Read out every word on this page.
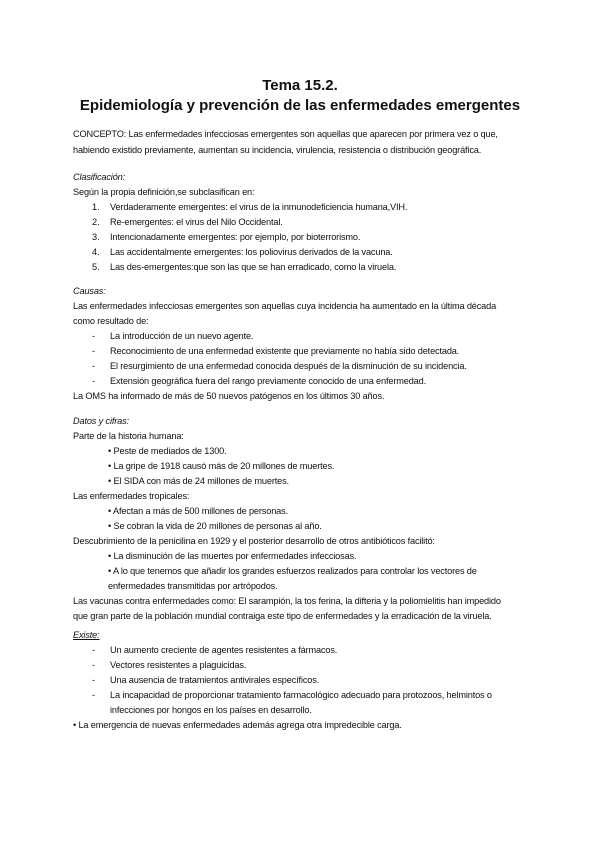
Tema 15.2.
Epidemiología y prevención de las enfermedades emergentes
CONCEPTO: Las enfermedades infecciosas emergentes son aquellas que aparecen por primera vez o que,
habiendo existido previamente, aumentan su incidencia, virulencia, resistencia o distribución geográfica.
Clasificación:
Según la propia definición,se subclasifican en:
1. Verdaderamente emergentes: el virus de la inmunodeficiencia humana,VIH.
2. Re-emergentes: el virus del Nilo Occidental.
3. Intencionadamente emergentes: por ejemplo, por bioterrorismo.
4. Las accidentalmente emergentes: los poliovirus derivados de la vacuna.
5. Las des-emergentes:que son las que se han erradicado, como la viruela.
Causas:
Las enfermedades infecciosas emergentes son aquellas cuya incidencia ha aumentado en la última década
como resultado de:
- La introducción de un nuevo agente.
- Reconocimiento de una enfermedad existente que previamente no había sido detectada.
- El resurgimiento de una enfermedad conocida después de la disminución de su incidencia.
- Extensión geográfica fuera del rango previamente conocido de una enfermedad.
La OMS ha informado de más de 50 nuevos patógenos en los últimos 30 años.
Datos y cifras:
Parte de la historia humana:
• Peste de mediados de 1300.
• La gripe de 1918 causó más de 20 millones de muertes.
• El SIDA con más de 24 millones de muertes.
Las enfermedades tropicales:
• Afectan a más de 500 millones de personas.
• Se cobran la vida de 20 millones de personas al año.
Descubrimiento de la penicilina en 1929 y el posterior desarrollo de otros antibióticos facilitó:
• La disminución de las muertes por enfermedades infecciosas.
• A lo que tenemos que añadir los grandes esfuerzos realizados para controlar los vectores de
enfermedades transmitidas por artrópodos.
Las vacunas contra enfermedades como: El sarampión, la tos ferina, la difteria y la poliomielitis han impedido
que gran parte de la población mundial contraiga este tipo de enfermedades y la erradicación de la viruela.
Existe:
- Un aumento creciente de agentes resistentes a fármacos.
- Vectores resistentes a plaguicidas.
- Una ausencia de tratamientos antivirales específicos.
- La incapacidad de proporcionar tratamiento farmacológico adecuado para protozoos, helmintos o
infecciones por hongos en los países en desarrollo.
• La emergencia de nuevas enfermedades además agrega otra impredecible carga.
